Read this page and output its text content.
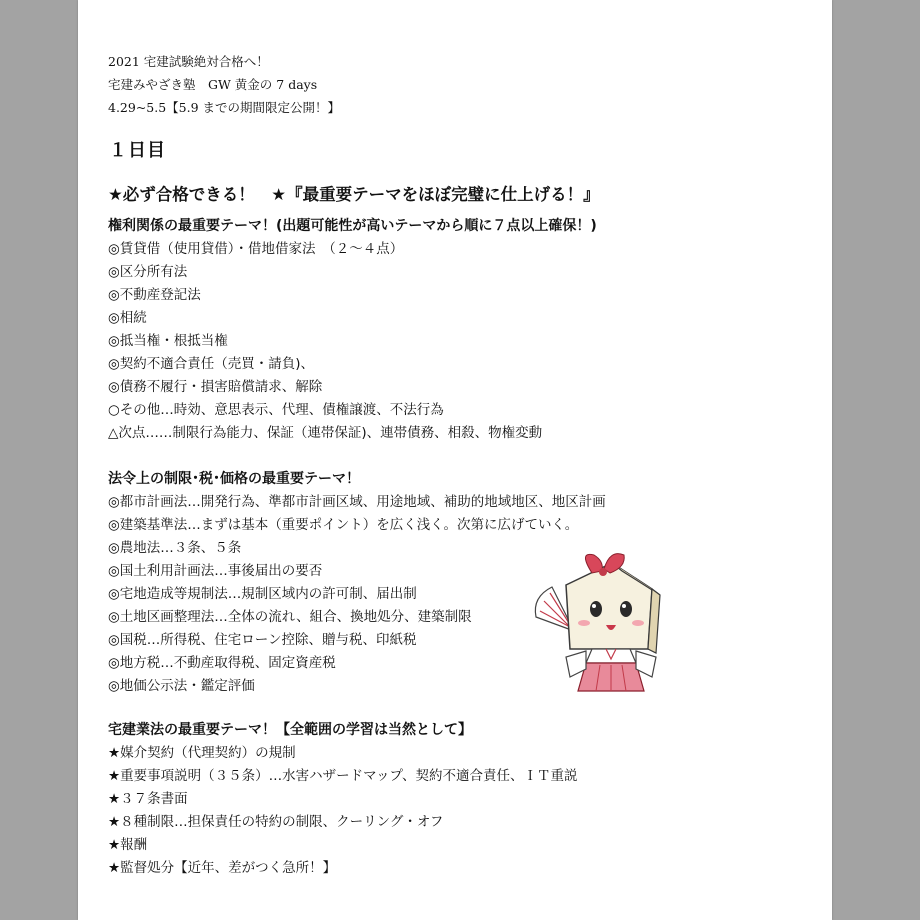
2021 宅建試験絶対合格へ！
宅建みやざき塾　GW 黄金の 7 days
4.29~5.5【5.9 までの期間限定公開！】
１日目
★必ず合格できる！　★『最重要テーマをほぼ完璧に仕上げる！』
権利関係の最重要テーマ！(出題可能性が高いテーマから順に７点以上確保！)
◎賃貸借（使用貸借）・借地借家法　（２～４点）
◎区分所有法
◎不動産登記法
◎相続
◎抵当権・根抵当権
◎契約不適合責任（売買・請負)、
◎債務不履行・損害賠償請求、解除
○その他…時効、意思表示、代理、債権譲渡、不法行為
△次点……制限行為能力、保証（連帯保証)、連帯債務、相殺、物権変動
法令上の制限･税･価格の最重要テーマ！
◎都市計画法…開発行為、準都市計画区域、用途地域、補助的地域地区、地区計画
◎建築基準法…まずは基本（重要ポイント）を広く浅く。次第に広げていく。
◎農地法…３条、５条
◎国土利用計画法…事後届出の要否
◎宅地造成等規制法…規制区域内の許可制、届出制
◎土地区画整理法…全体の流れ、組合、換地処分、建築制限
◎国税…所得税、住宅ローン控除、贈与税、印紙税
◎地方税…不動産取得税、固定資産税
◎地価公示法・鑑定評価
宅建業法の最重要テーマ！【全範囲の学習は当然として】
★媒介契約（代理契約）の規制
★重要事項説明（３５条）…水害ハザードマップ、契約不適合責任、ＩＴ重説
★３７条書面
★８種制限…担保責任の特約の制限、クーリング・オフ
★報酬
★監督処分【近年、差がつく急所！】
